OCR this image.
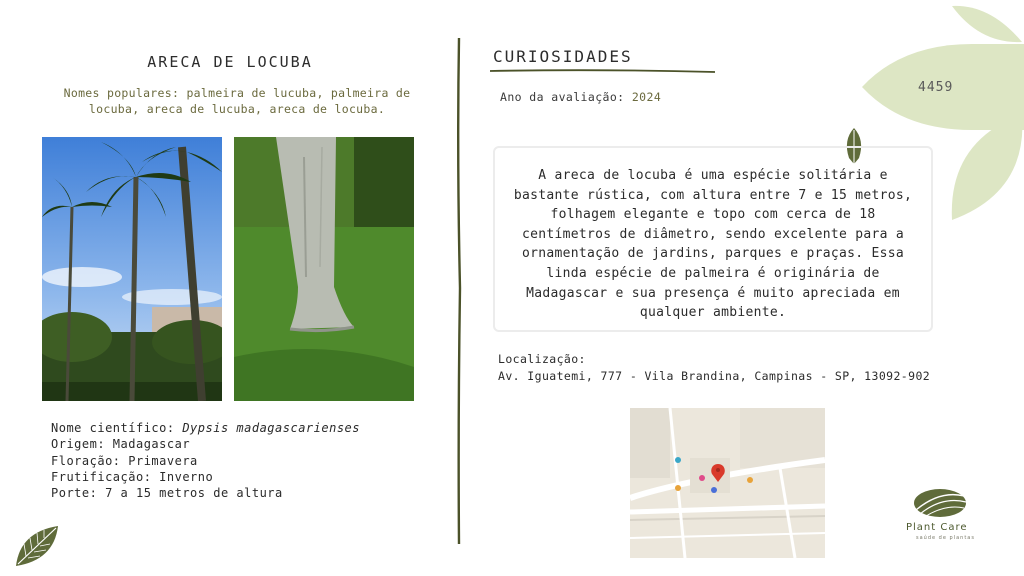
ARECA DE LOCUBA
Nomes populares: palmeira de lucuba, palmeira de locuba, areca de lucuba, areca de locuba.
Nome científico: Dypsis madagascarienses
Origem: Madagascar
Floração: Primavera
Frutificação: Inverno
Porte: 7 a 15 metros de altura
CURIOSIDADES
Ano da avaliação: 2024
A areca de locuba é uma espécie solitária e bastante rústica, com altura entre 7 e 15 metros, folhagem elegante e topo com cerca de 18 centímetros de diâmetro, sendo excelente para a ornamentação de jardins, parques e praças. Essa linda espécie de palmeira é originária de Madagascar e sua presença é muito apreciada em qualquer ambiente.
Localização:
Av. Iguatemi, 777 - Vila Brandina, Campinas - SP, 13092-902
4459
Plant Care
saúde de plantas
